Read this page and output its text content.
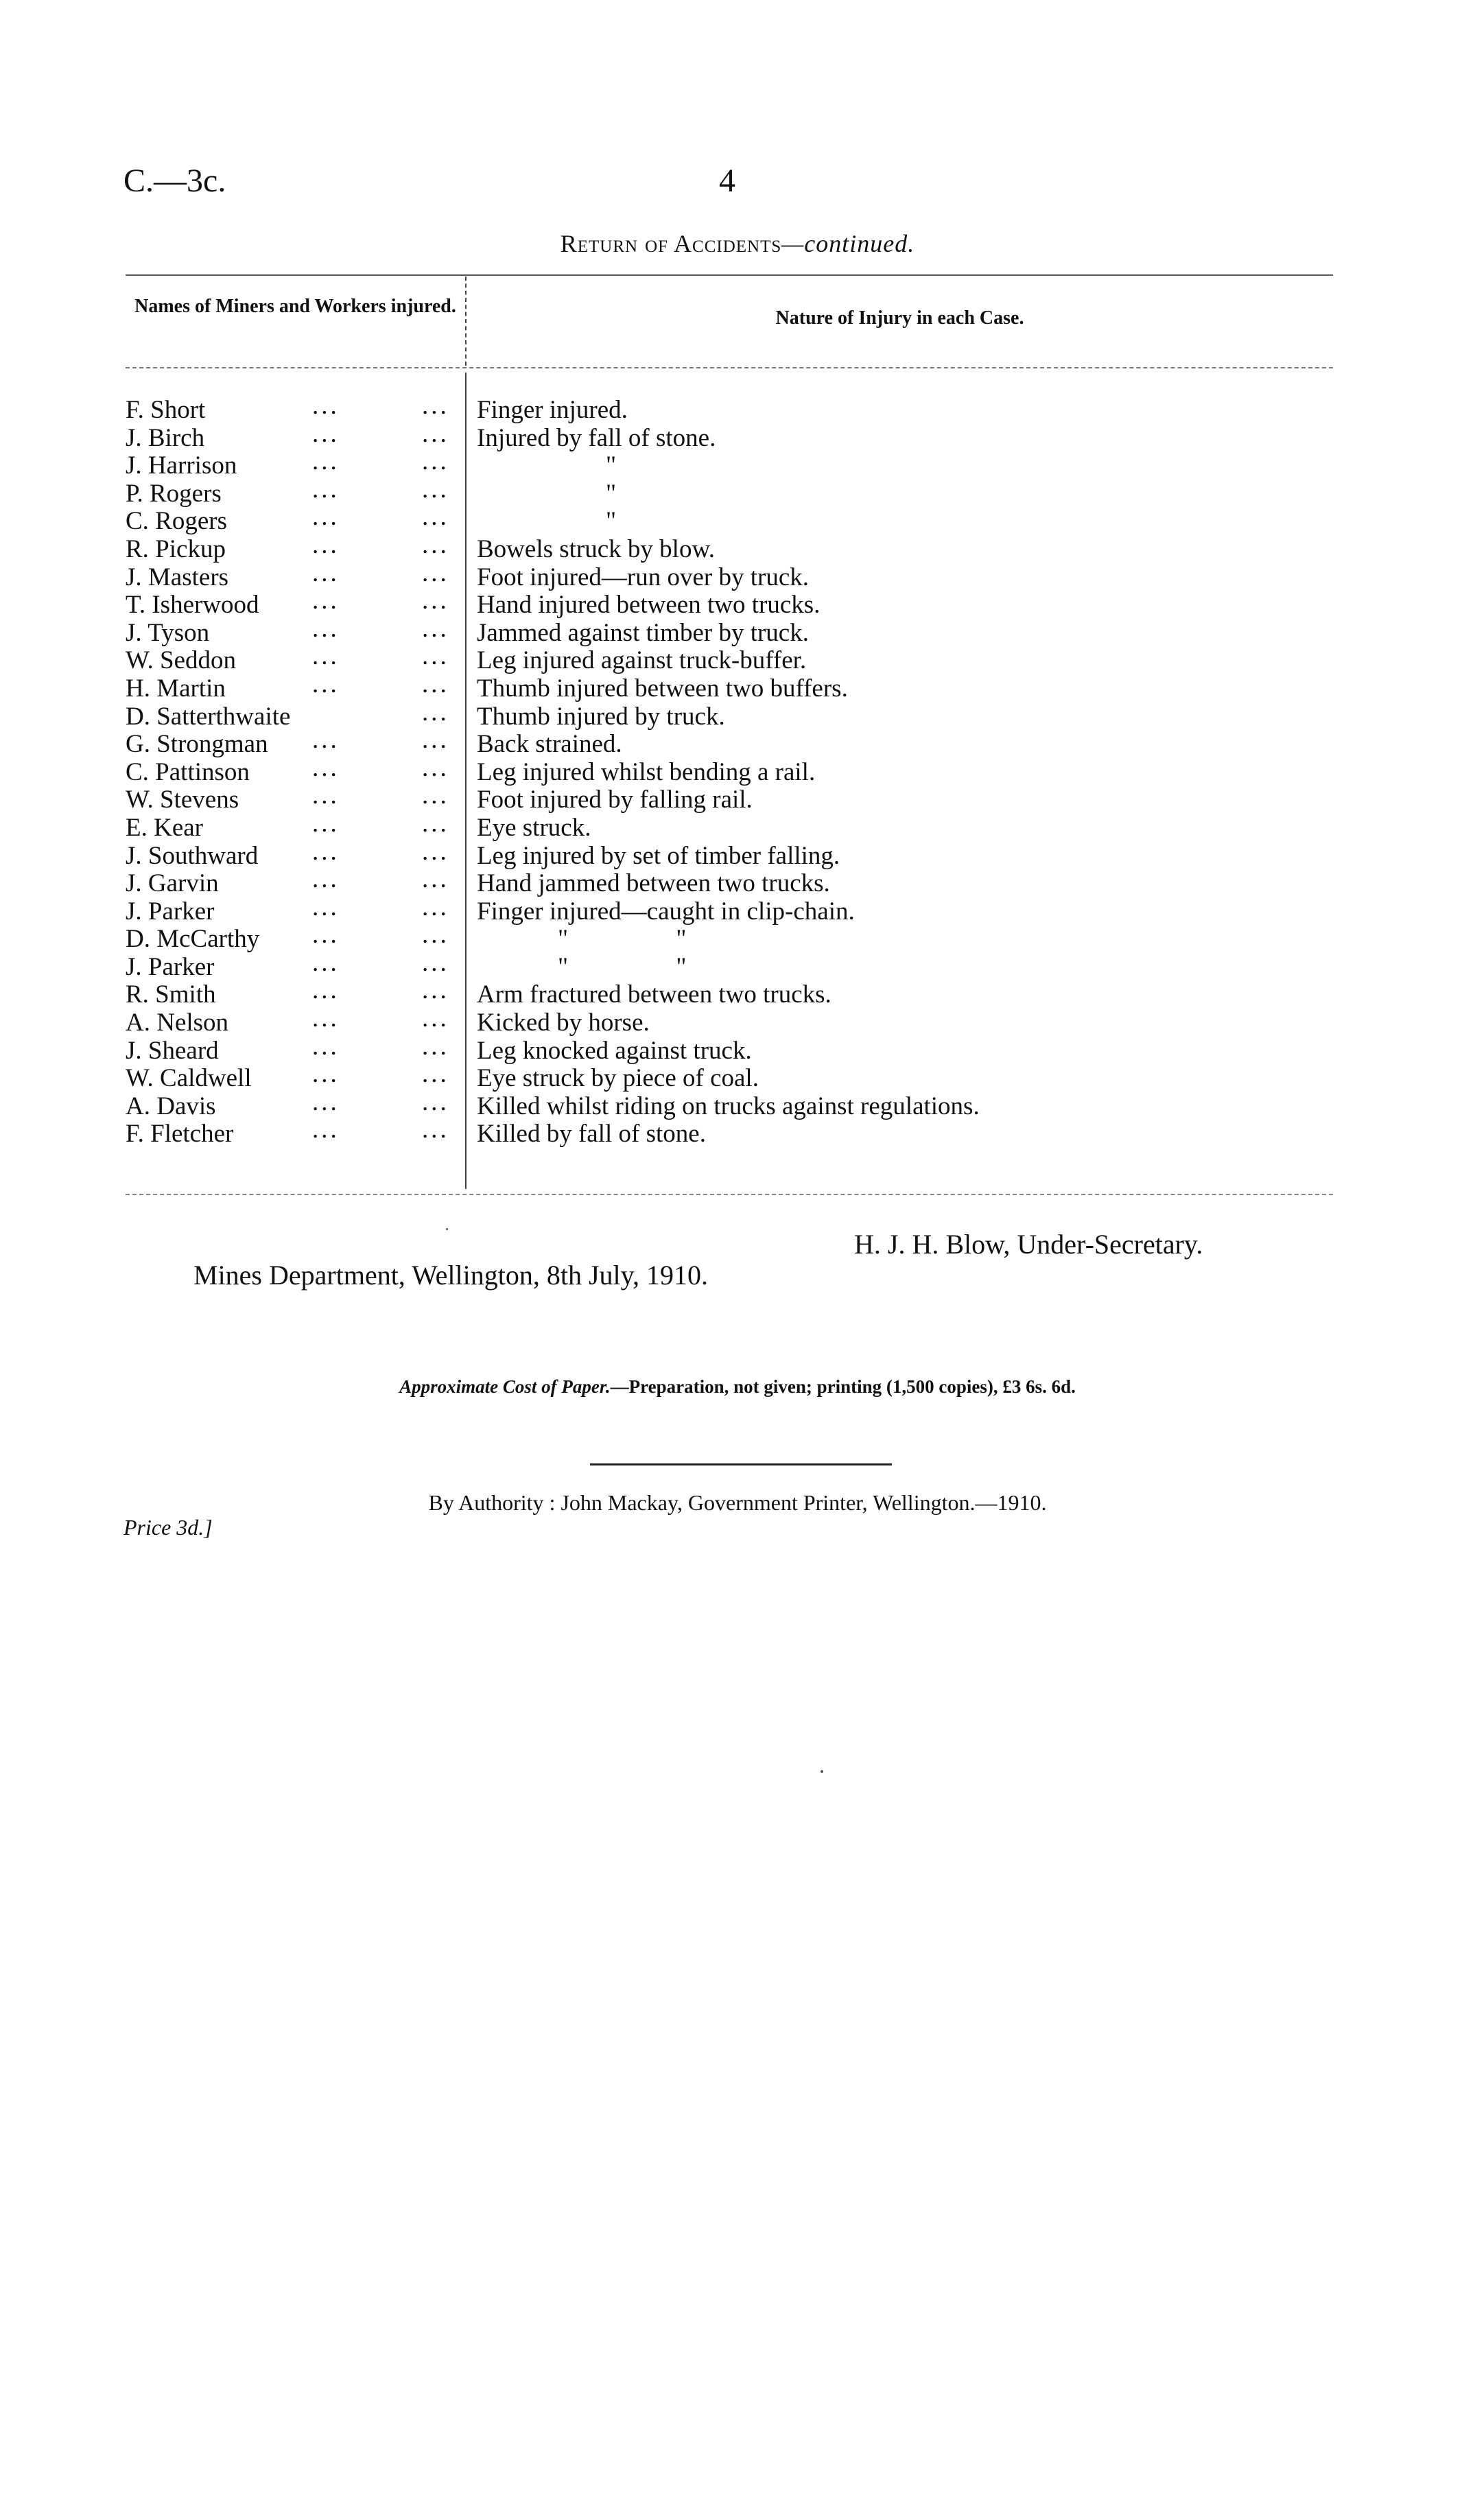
C.—3c.	4
Return of Accidents—continued.
Names of Miners and Workers injured.
Nature of Injury in each Case.
F. Short	...	... Finger injured.
J. Birch	...	... Injured by fall of stone.
J. Harrison	...	...	"
P. Rogers	...	...	"
C. Rogers	...	...	"
R. Pickup	...	... Bowels struck by blow.
J. Masters	...	... Foot injured—run over by truck.
T. Isherwood ...	... Hand injured between two trucks.
J. Tyson	...	... Jammed against timber by truck.
W. Seddon	...	... Leg injured against truck-buffer.
H. Martin	...	... Thumb injured between two buffers.
D. Satterthwaite	... Thumb injured by truck.
G. Strongman ...	... Back strained.
C. Pattinson ...	... Leg injured whilst bending a rail.
W. Stevens	...	... Foot injured by falling rail.
E. Kear	...	... Eye struck.
J. Southward ...	... Leg injured by set of timber falling.
J. Garvin	...	... Hand jammed between two trucks.
J. Parker	...	... Finger injured—caught in clip-chain.
D. McCarthy ...	...	"                 "
J. Parker	...	...	"                 "
R. Smith	...	... Arm fractured between two trucks.
A. Nelson	...	... Kicked by horse.
J. Sheard	...	... Leg knocked against truck.
W. Caldwell ...	... Eye struck by piece of coal.
A. Davis	...	... Killed whilst riding on trucks against regulations.
F. Fletcher	...	... Killed by fall of stone.
H. J. H. Blow, Under-Secretary.
Mines Department, Wellington, 8th July, 1910.
Approximate Cost of Paper.—Preparation, not given; printing (1,500 copies), £3 6s. 6d.
By Authority : John Mackay, Government Printer, Wellington.—1910.
Price 3d.]
